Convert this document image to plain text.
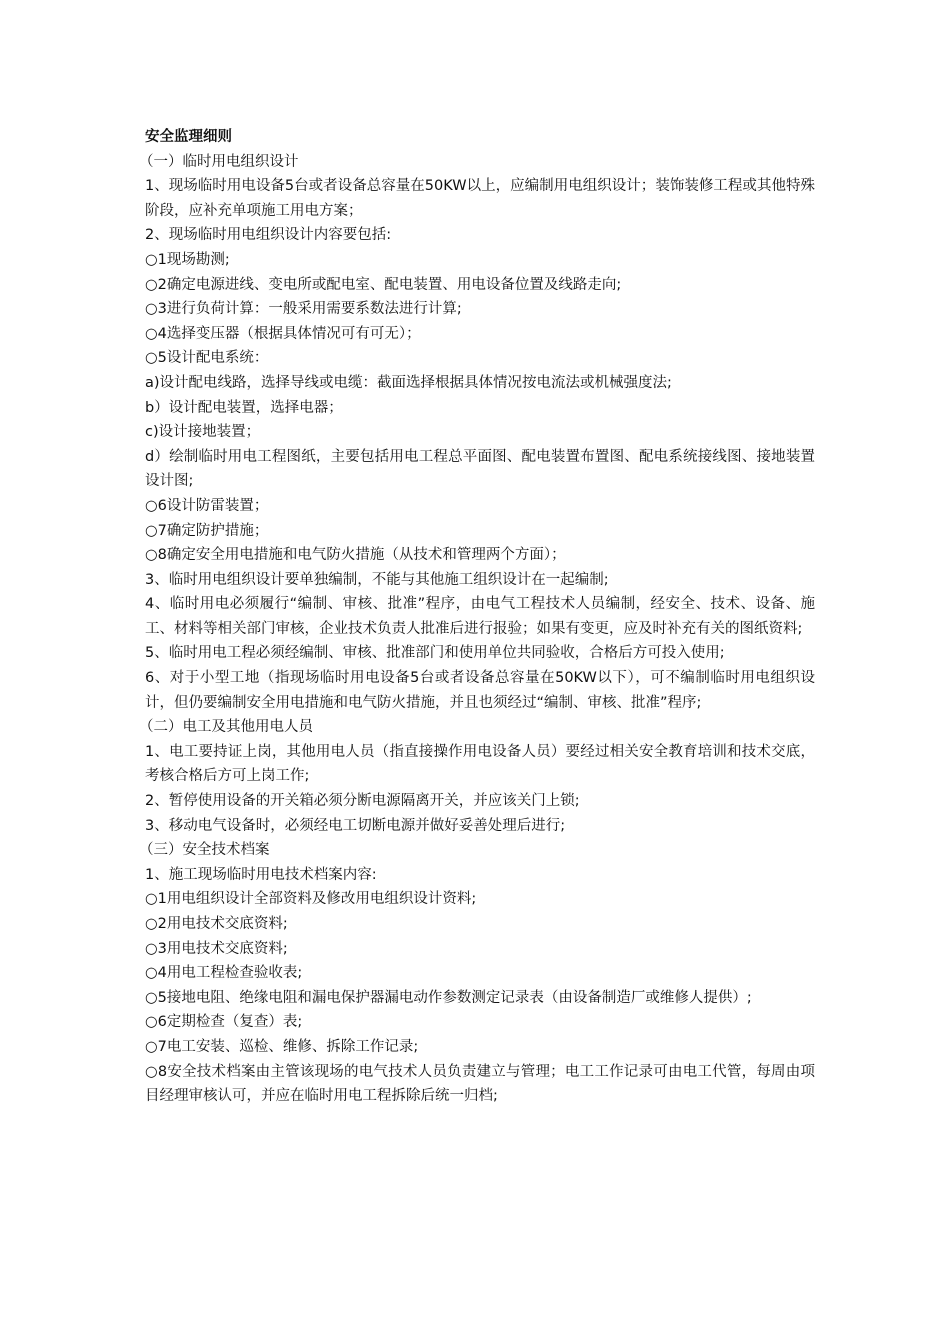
安全监理细则

（一）临时用电组织设计

1、现场临时用电设备5台或者设备总容量在50KW以上，应编制用电组织设计；装饰装修工程或其他特殊阶段，应补充单项施工用电方案；

2、现场临时用电组织设计内容要包括:

○1现场勘测;

○2确定电源进线、变电所或配电室、配电装置、用电设备位置及线路走向;

○3进行负荷计算：一般采用需要系数法进行计算;

○4选择变压器（根据具体情况可有可无）；

○5设计配电系统：

a)设计配电线路，选择导线或电缆：截面选择根据具体情况按电流法或机械强度法;

b）设计配电装置，选择电器；

c)设计接地装置；

d）绘制临时用电工程图纸，主要包括用电工程总平面图、配电装置布置图、配电系统接线图、接地装置设计图;

○6设计防雷装置；

○7确定防护措施；

○8确定安全用电措施和电气防火措施（从技术和管理两个方面）；

3、临时用电组织设计要单独编制，不能与其他施工组织设计在一起编制;

4、临时用电必须履行“编制、审核、批准”程序，由电气工程技术人员编制，经安全、技术、设备、施工、材料等相关部门审核，企业技术负责人批准后进行报验；如果有变更，应及时补充有关的图纸资料;

5、临时用电工程必须经编制、审核、批准部门和使用单位共同验收，合格后方可投入使用;

6、对于小型工地（指现场临时用电设备5台或者设备总容量在50KW以下），可不编制临时用电组织设计，但仍要编制安全用电措施和电气防火措施，并且也须经过“编制、审核、批准”程序;

（二）电工及其他用电人员

1、电工要持证上岗，其他用电人员（指直接操作用电设备人员）要经过相关安全教育培训和技术交底，考核合格后方可上岗工作;

2、暂停使用设备的开关箱必须分断电源隔离开关，并应该关门上锁;

3、移动电气设备时，必须经电工切断电源并做好妥善处理后进行;

（三）安全技术档案

1、施工现场临时用电技术档案内容:

○1用电组织设计全部资料及修改用电组织设计资料;

○2用电技术交底资料;

○3用电技术交底资料;

○4用电工程检查验收表;

○5接地电阻、绝缘电阻和漏电保护器漏电动作参数测定记录表（由设备制造厂或维修人提供）;

○6定期检查（复查）表;

○7电工安装、巡检、维修、拆除工作记录;

○8安全技术档案由主管该现场的电气技术人员负责建立与管理；电工工作记录可由电工代管，每周由项目经理审核认可，并应在临时用电工程拆除后统一归档;
